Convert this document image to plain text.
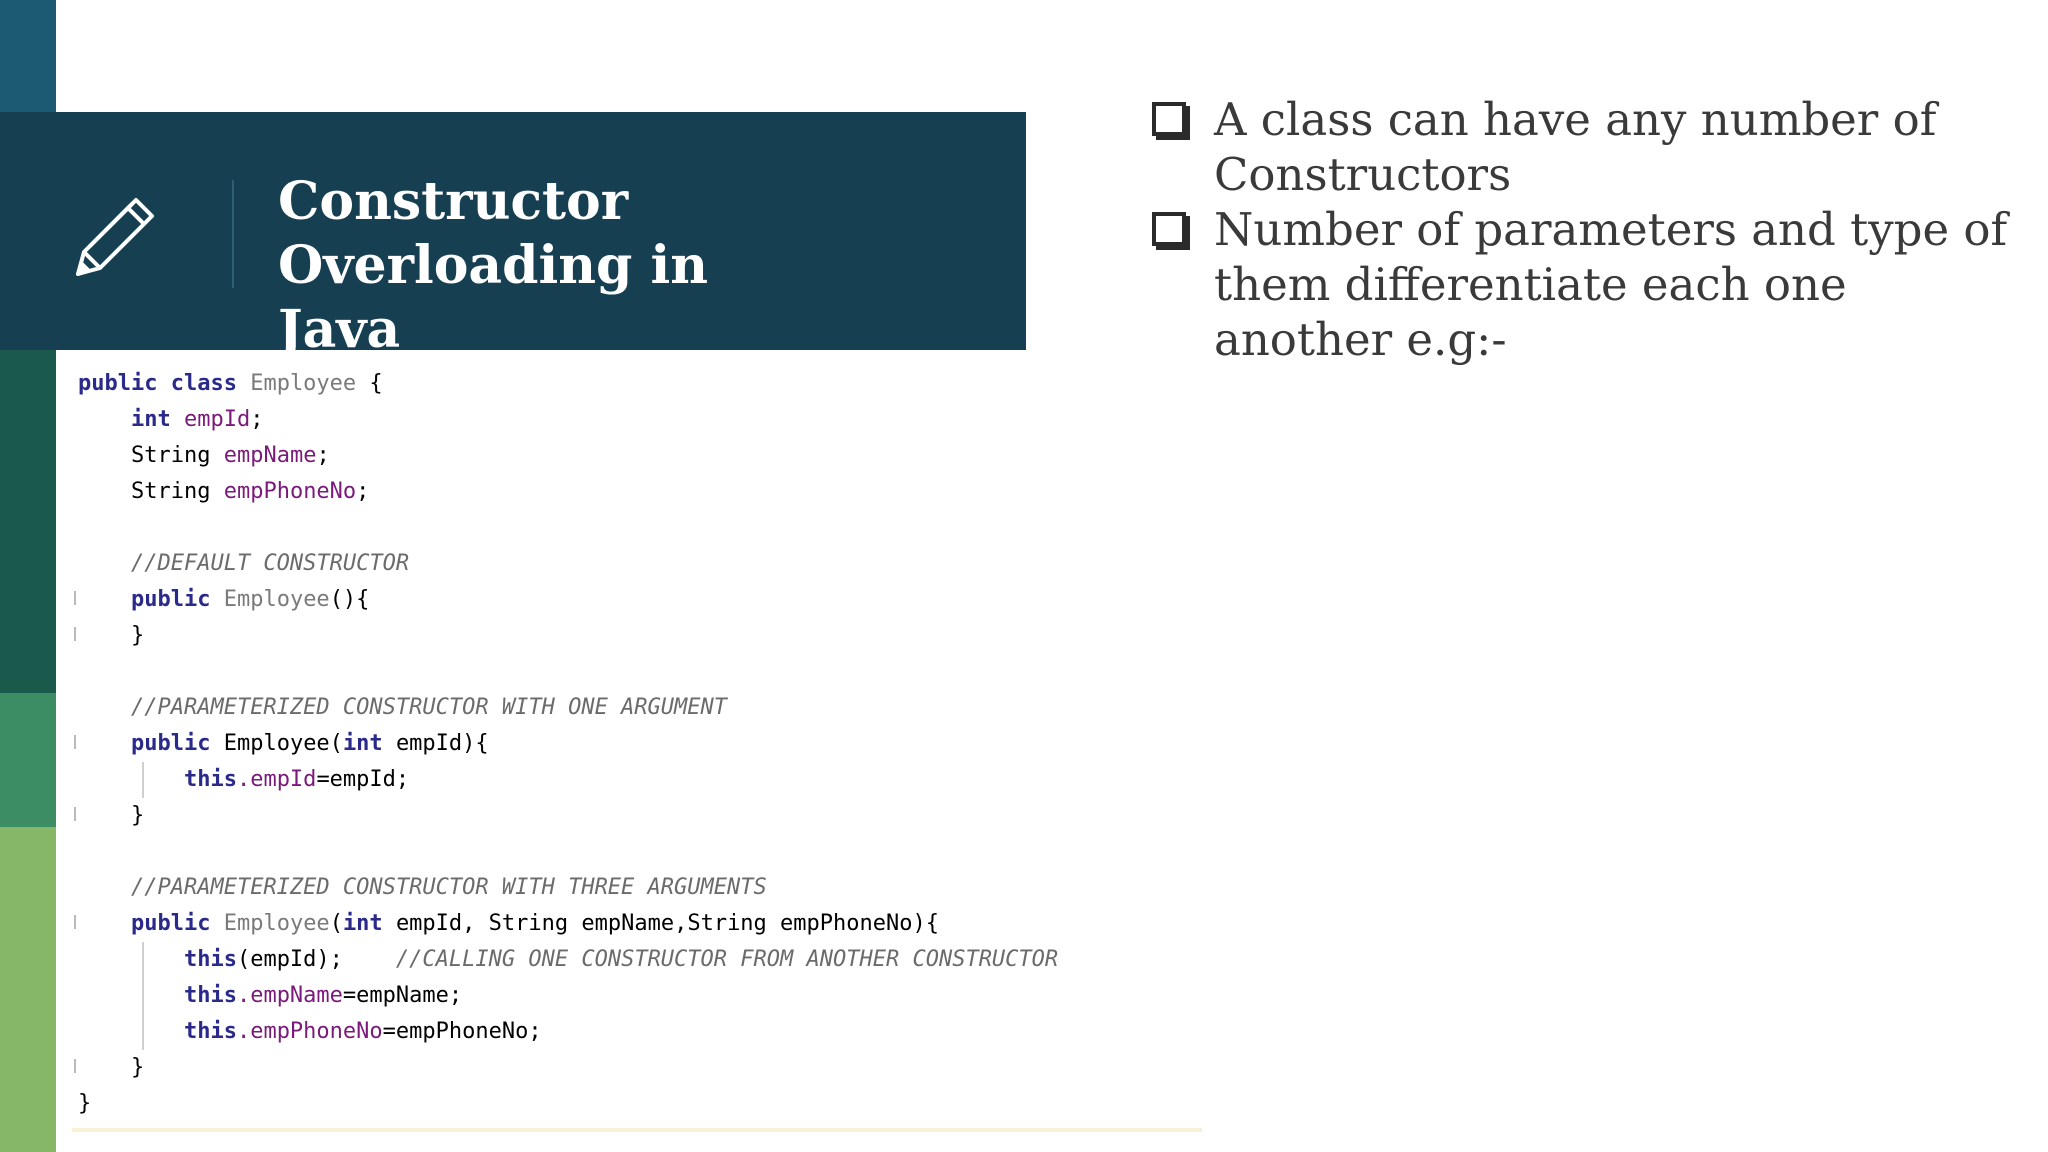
Constructor Overloading in
Java
A class can have any number of Constructors
Number of parameters and type of them differentiate each one another e.g:-
public class Employee {
int empId;
String empName;
String empPhoneNo;
//DEFAULT CONSTRUCTOR
public Employee(){
}
//PARAMETERIZED CONSTRUCTOR WITH ONE ARGUMENT
public Employee(int empId){
this.empId=empId;
}
//PARAMETERIZED CONSTRUCTOR WITH THREE ARGUMENTS
public Employee(int empId, String empName,String empPhoneNo){
this(empId); //CALLING ONE CONSTRUCTOR FROM ANOTHER CONSTRUCTOR
this.empName=empName;
this.empPhoneNo=empPhoneNo;
}
}
